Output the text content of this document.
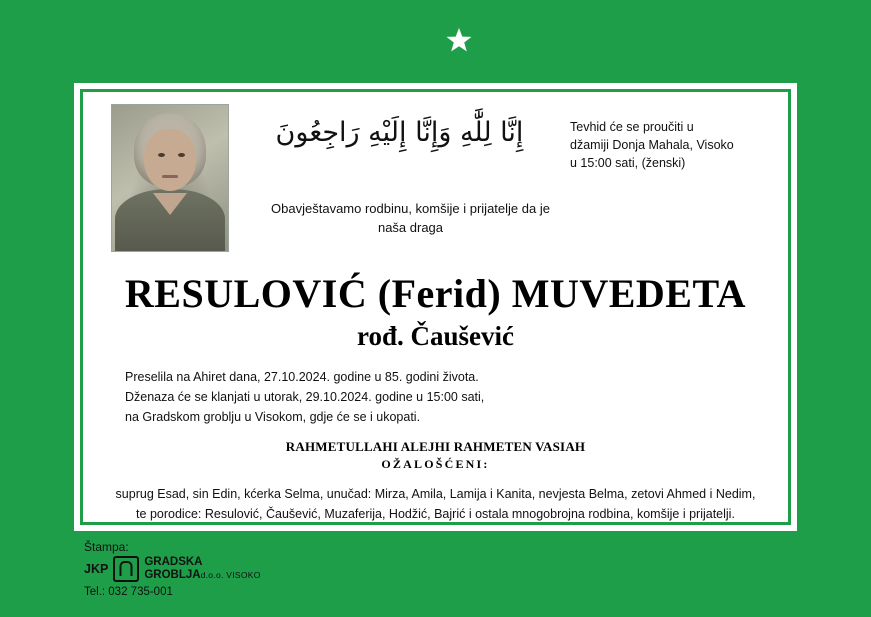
إِنَّا لِلَّٰهِ وَإِنَّا إِلَيْهِ رَاجِعُونَ	Tevhid će se proučiti u
džamiji Donja Mahala, Visoko
u 15:00 sati, (ženski)
Obavještavamo rodbinu, komšije i prijatelje da je
naša draga
RESULOVIĆ (Ferid) MUVEDETA
rođ. Čaušević
Preselila na Ahiret dana, 27.10.2024. godine u 85. godini života.
Dženaza će se klanjati u utorak, 29.10.2024. godine u 15:00 sati,
na Gradskom groblju u Visokom, gdje će se i ukopati.
RAHMETULLAHI ALEJHI RAHMETEN VASIAH
OŽALOŠĆENI:
suprug Esad, sin Edin, kćerka Selma, unučad: Mirza, Amila, Lamija i Kanita, nevjesta Belma, zetovi Ahmed i Nedim,
te porodice: Resulović, Čaušević, Muzaferija, Hodžić, Bajrić i ostala mnogobrojna rodbina, komšije i prijatelji.
Štampa:
JKP	GRADSKA
GROBLJAd.o.o. VISOKO
Tel.: 032 735-001
